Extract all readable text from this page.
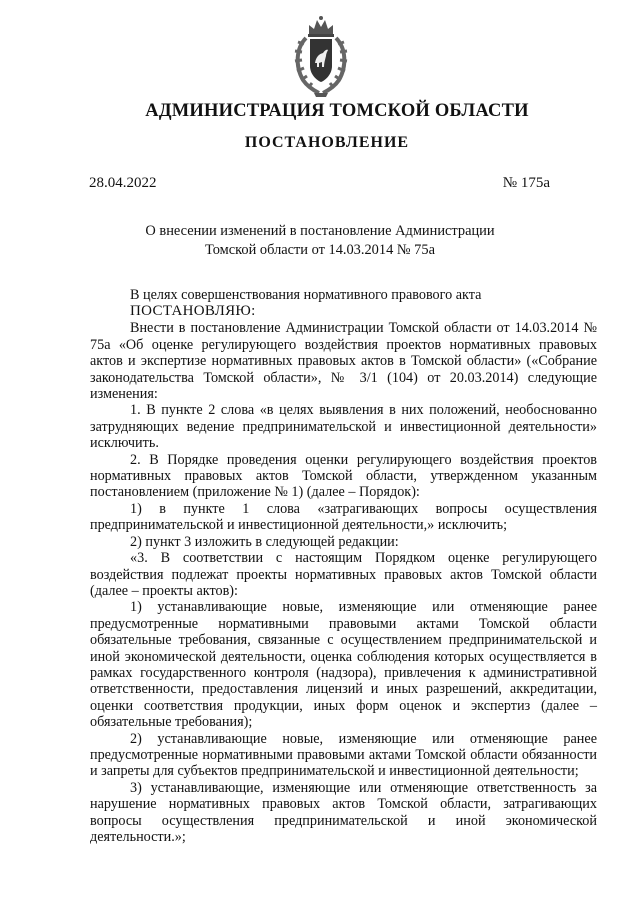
АДМИНИСТРАЦИЯ ТОМСКОЙ ОБЛАСТИ
ПОСТАНОВЛЕНИЕ
28.04.2022	№ 175а
О внесении изменений в постановление Администрации
Томской области от 14.03.2014 № 75а

В целях совершенствования нормативного правового акта

ПОСТАНОВЛЯЮ:

Внести в постановление Администрации Томской области от 14.03.2014 № 75а «Об оценке регулирующего воздействия проектов нормативных правовых актов и экспертизе нормативных правовых актов в Томской области» («Собрание законодательства Томской области», № 3/1 (104) от 20.03.2014) следующие изменения:

1. В пункте 2 слова «в целях выявления в них положений, необоснованно затрудняющих ведение предпринимательской и инвестиционной деятельности» исключить.

2. В Порядке проведения оценки регулирующего воздействия проектов нормативных правовых актов Томской области, утвержденном указанным постановлением (приложение № 1) (далее – Порядок):

1) в пункте 1 слова «затрагивающих вопросы осуществления предпринимательской и инвестиционной деятельности,» исключить;

2) пункт 3 изложить в следующей редакции:

«3. В соответствии с настоящим Порядком оценке регулирующего воздействия подлежат проекты нормативных правовых актов Томской области (далее – проекты актов):

1) устанавливающие новые, изменяющие или отменяющие ранее предусмотренные нормативными правовыми актами Томской области обязательные требования, связанные с осуществлением предпринимательской и иной экономической деятельности, оценка соблюдения которых осуществляется в рамках государственного контроля (надзора), привлечения к административной ответственности, предоставления лицензий и иных разрешений, аккредитации, оценки соответствия продукции, иных форм оценок и экспертиз (далее – обязательные требования);

2) устанавливающие новые, изменяющие или отменяющие ранее предусмотренные нормативными правовыми актами Томской области обязанности и запреты для субъектов предпринимательской и инвестиционной деятельности;

3) устанавливающие, изменяющие или отменяющие ответственность за нарушение нормативных правовых актов Томской области, затрагивающих вопросы осуществления предпринимательской и иной экономической деятельности.»;
